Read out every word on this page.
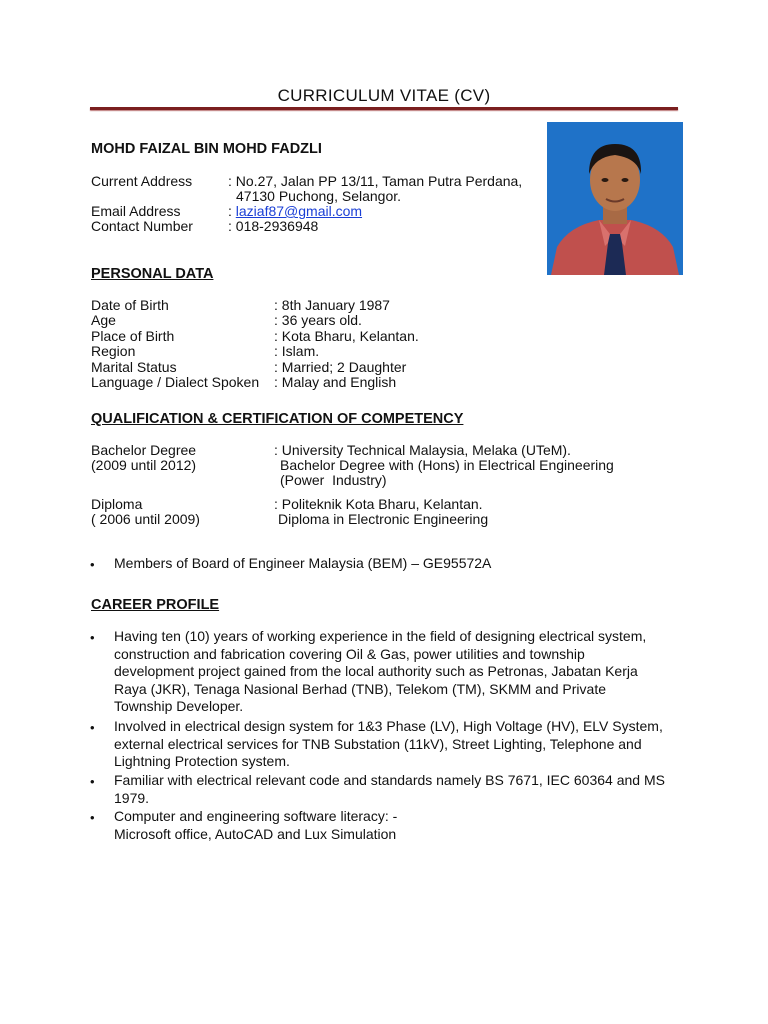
CURRICULUM VITAE (CV)
MOHD FAIZAL BIN MOHD FADZLI
Current Address	: No.27, Jalan PP 13/11, Taman Putra Perdana,
47130 Puchong, Selangor.
Email Address	: laziaf87@gmail.com
Contact Number	: 018-2936948
PERSONAL DATA
Date of Birth	: 8th January 1987
Age	: 36 years old.
Place of Birth	: Kota Bharu, Kelantan.
Region	: Islam.
Marital Status	: Married; 2 Daughter
Language / Dialect Spoken : Malay and English
QUALIFICATION & CERTIFICATION OF COMPETENCY
Bachelor Degree
(2009 until 2012)
: University Technical Malaysia, Melaka (UTeM).
Bachelor Degree with (Hons) in Electrical Engineering
(Power  Industry)
Diploma
( 2006 until 2009)
: Politeknik Kota Bharu, Kelantan.
Diploma in Electronic Engineering
• Members of Board of Engineer Malaysia (BEM) – GE95572A
CAREER PROFILE
• Having ten (10) years of working experience in the field of designing electrical system,
construction and fabrication covering Oil & Gas, power utilities and township
development project gained from the local authority such as Petronas, Jabatan Kerja
Raya (JKR), Tenaga Nasional Berhad (TNB), Telekom (TM), SKMM and Private
Township Developer.
• Involved in electrical design system for 1&3 Phase (LV), High Voltage (HV), ELV System,
external electrical services for TNB Substation (11kV), Street Lighting, Telephone and
Lightning Protection system.
• Familiar with electrical relevant code and standards namely BS 7671, IEC 60364 and MS
1979.
• Computer and engineering software literacy: -
Microsoft office, AutoCAD and Lux Simulation
